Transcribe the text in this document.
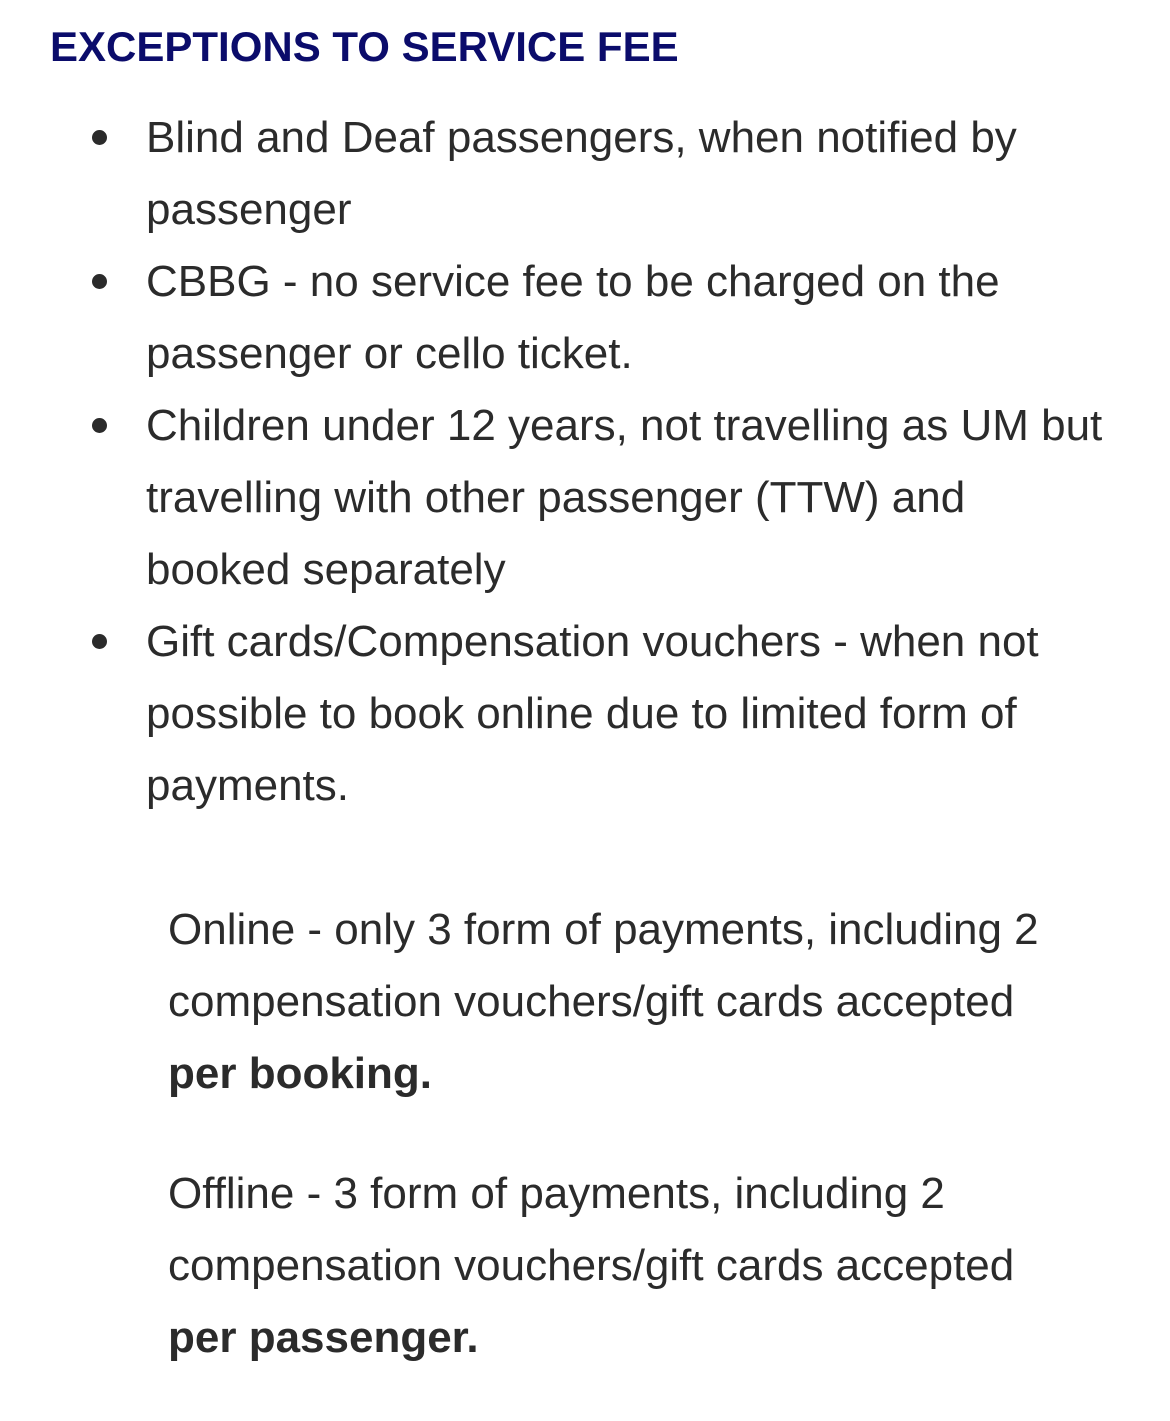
EXCEPTIONS TO SERVICE FEE
Blind and Deaf passengers, when notified by passenger
CBBG - no service fee to be charged on the passenger or cello ticket.
Children under 12 years, not travelling as UM but travelling with other passenger (TTW) and booked separately
Gift cards/Compensation vouchers - when not possible to book online due to limited form of payments.

Online - only 3 form of payments, including 2 compensation vouchers/gift cards accepted per booking.

Offline - 3 form of payments, including 2 compensation vouchers/gift cards accepted per passenger.
